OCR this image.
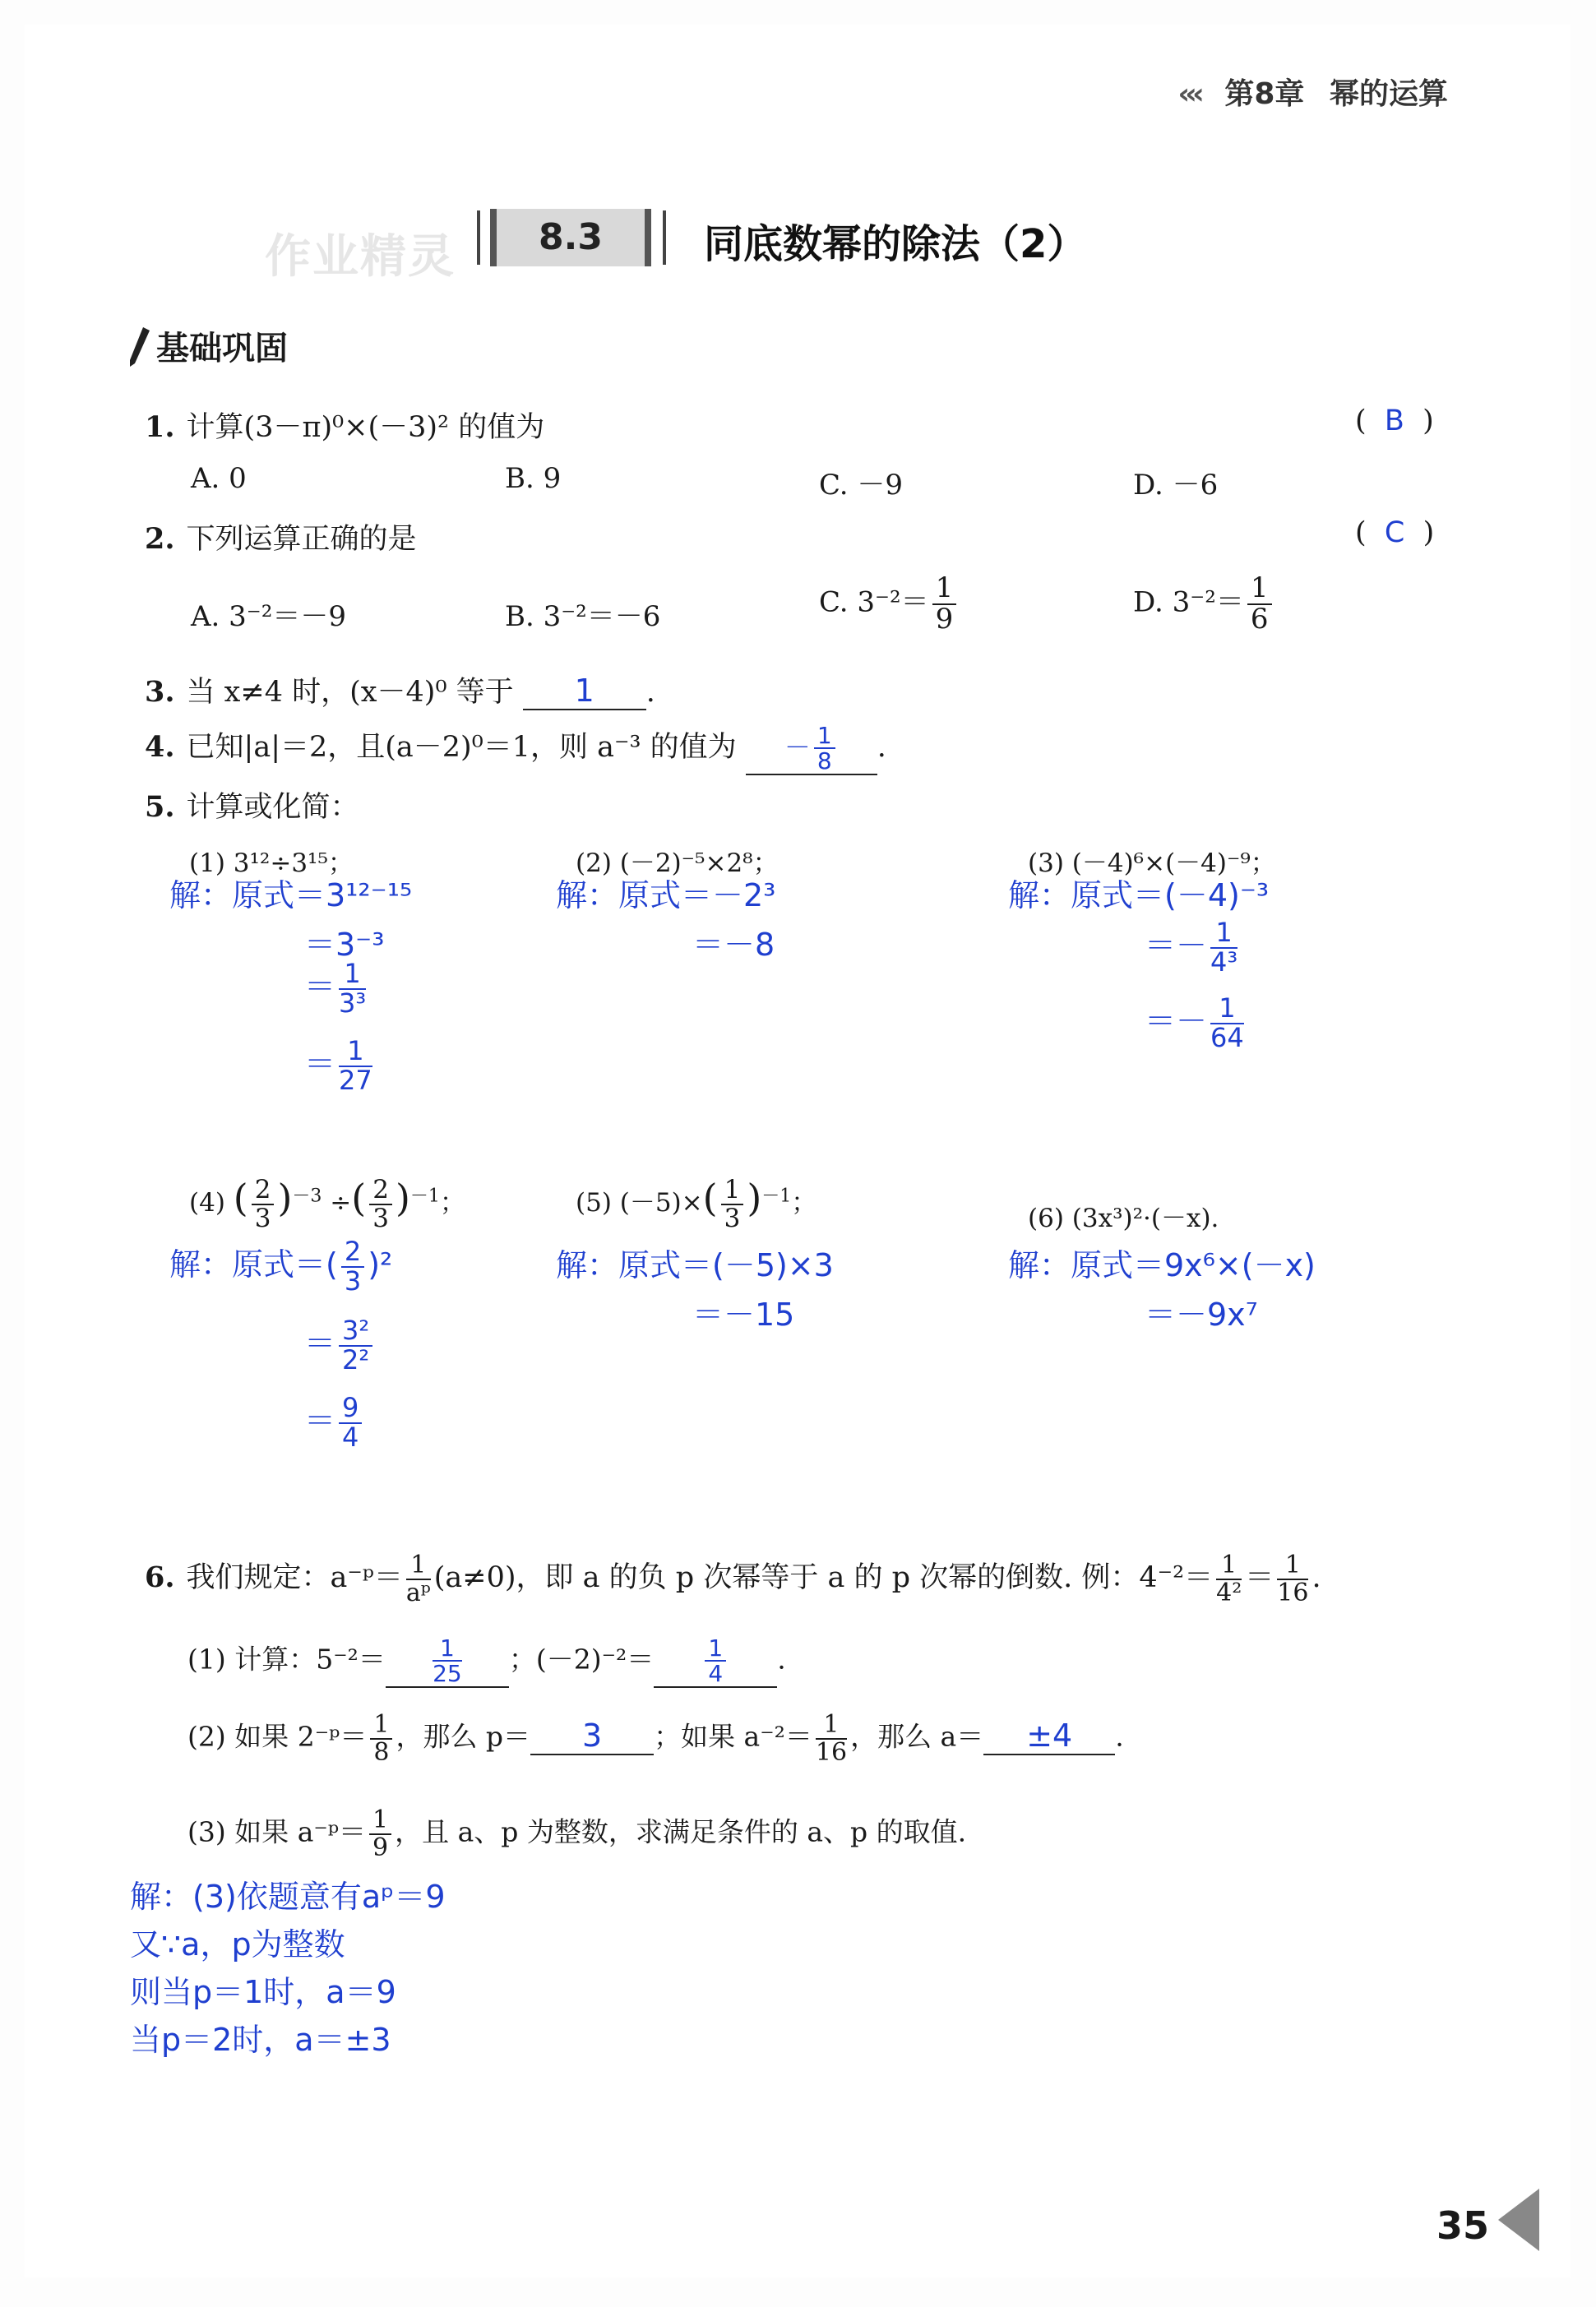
‹‹‹ 第8章 幂的运算
作业精灵	8.3	同底数幂的除法（2）
基础巩固
1. 计算(3－π)⁰×(－3)² 的值为	(  B  )
A. 0	B. 9	C. －9	D. －6
2. 下列运算正确的是	(  C  )
A. 3⁻²＝－9	B. 3⁻²＝－6	C. $3^{-2}= \frac{1}{9}$	D. $3^{-2}= \frac{1}{6}$
3. 当 x≠4 时，(x－4)⁰ 等于 1 .
4. 已知|a|＝2，且(a－2)⁰＝1，则 a⁻³ 的值为 － $\frac{1}{8}$ .
5. 计算或化简：
(1) 3¹²÷3¹⁵；
解：原式＝3¹²⁻¹⁵
＝3⁻³
＝ $\frac{1}{\text{3³}}$
＝ $\frac{1}{27}$
(2) (－2)⁻⁵×2⁸；
解：原式＝－2³
＝－8
(3) (－4)⁶×(－4)⁻⁹；
解：原式＝(－4)⁻³
＝－ $\frac{1}{\text{4³}}$
＝－ $\frac{1}{64}$
(4) ( $\frac{2}{3} )^{-3}$ ÷( $\frac{2}{3} )^{-1}$；
解：原式＝( $\frac{2}{3} )^2$
＝ $\frac{\text{3²}}{\text{2²}}$
＝ $\frac{9}{4}$
(5) $(-5)\times( \frac{1}{3} )^{-1}$；
解：原式＝(－5)×3
＝－15
(6) (3x³)²·(－x).
解：原式＝9x⁶×(－x)
＝－9x⁷
6. 我们规定：a⁻ᵖ＝ $\frac{1}{\text{aᵖ}} (a\ne 0)$，即 a 的负 p 次幂等于 a 的 p 次幂的倒数. 例：$4^{-2}= \frac{1}{\text{4²}} = \frac{1}{16}$ .
(1) 计算：$5^{-2}= \frac{1}{25}$ ；$(-2)^{-2}= \frac{1}{4}$ .
(2) 如果 2⁻ᵖ＝ $\frac{1}{8}$ ，那么 p＝ 3 ；如果 $a^{-2}= \frac{1}{16}$ ，那么 a＝ ±4 .
(3) 如果 a⁻ᵖ＝ $\frac{1}{9}$ ，且 a、p 为整数，求满足条件的 a、p 的取值.
解：(3)依题意有aᵖ＝9
又∵a，p为整数
则当p＝1时，a＝9
当p＝2时，a＝±3
35
